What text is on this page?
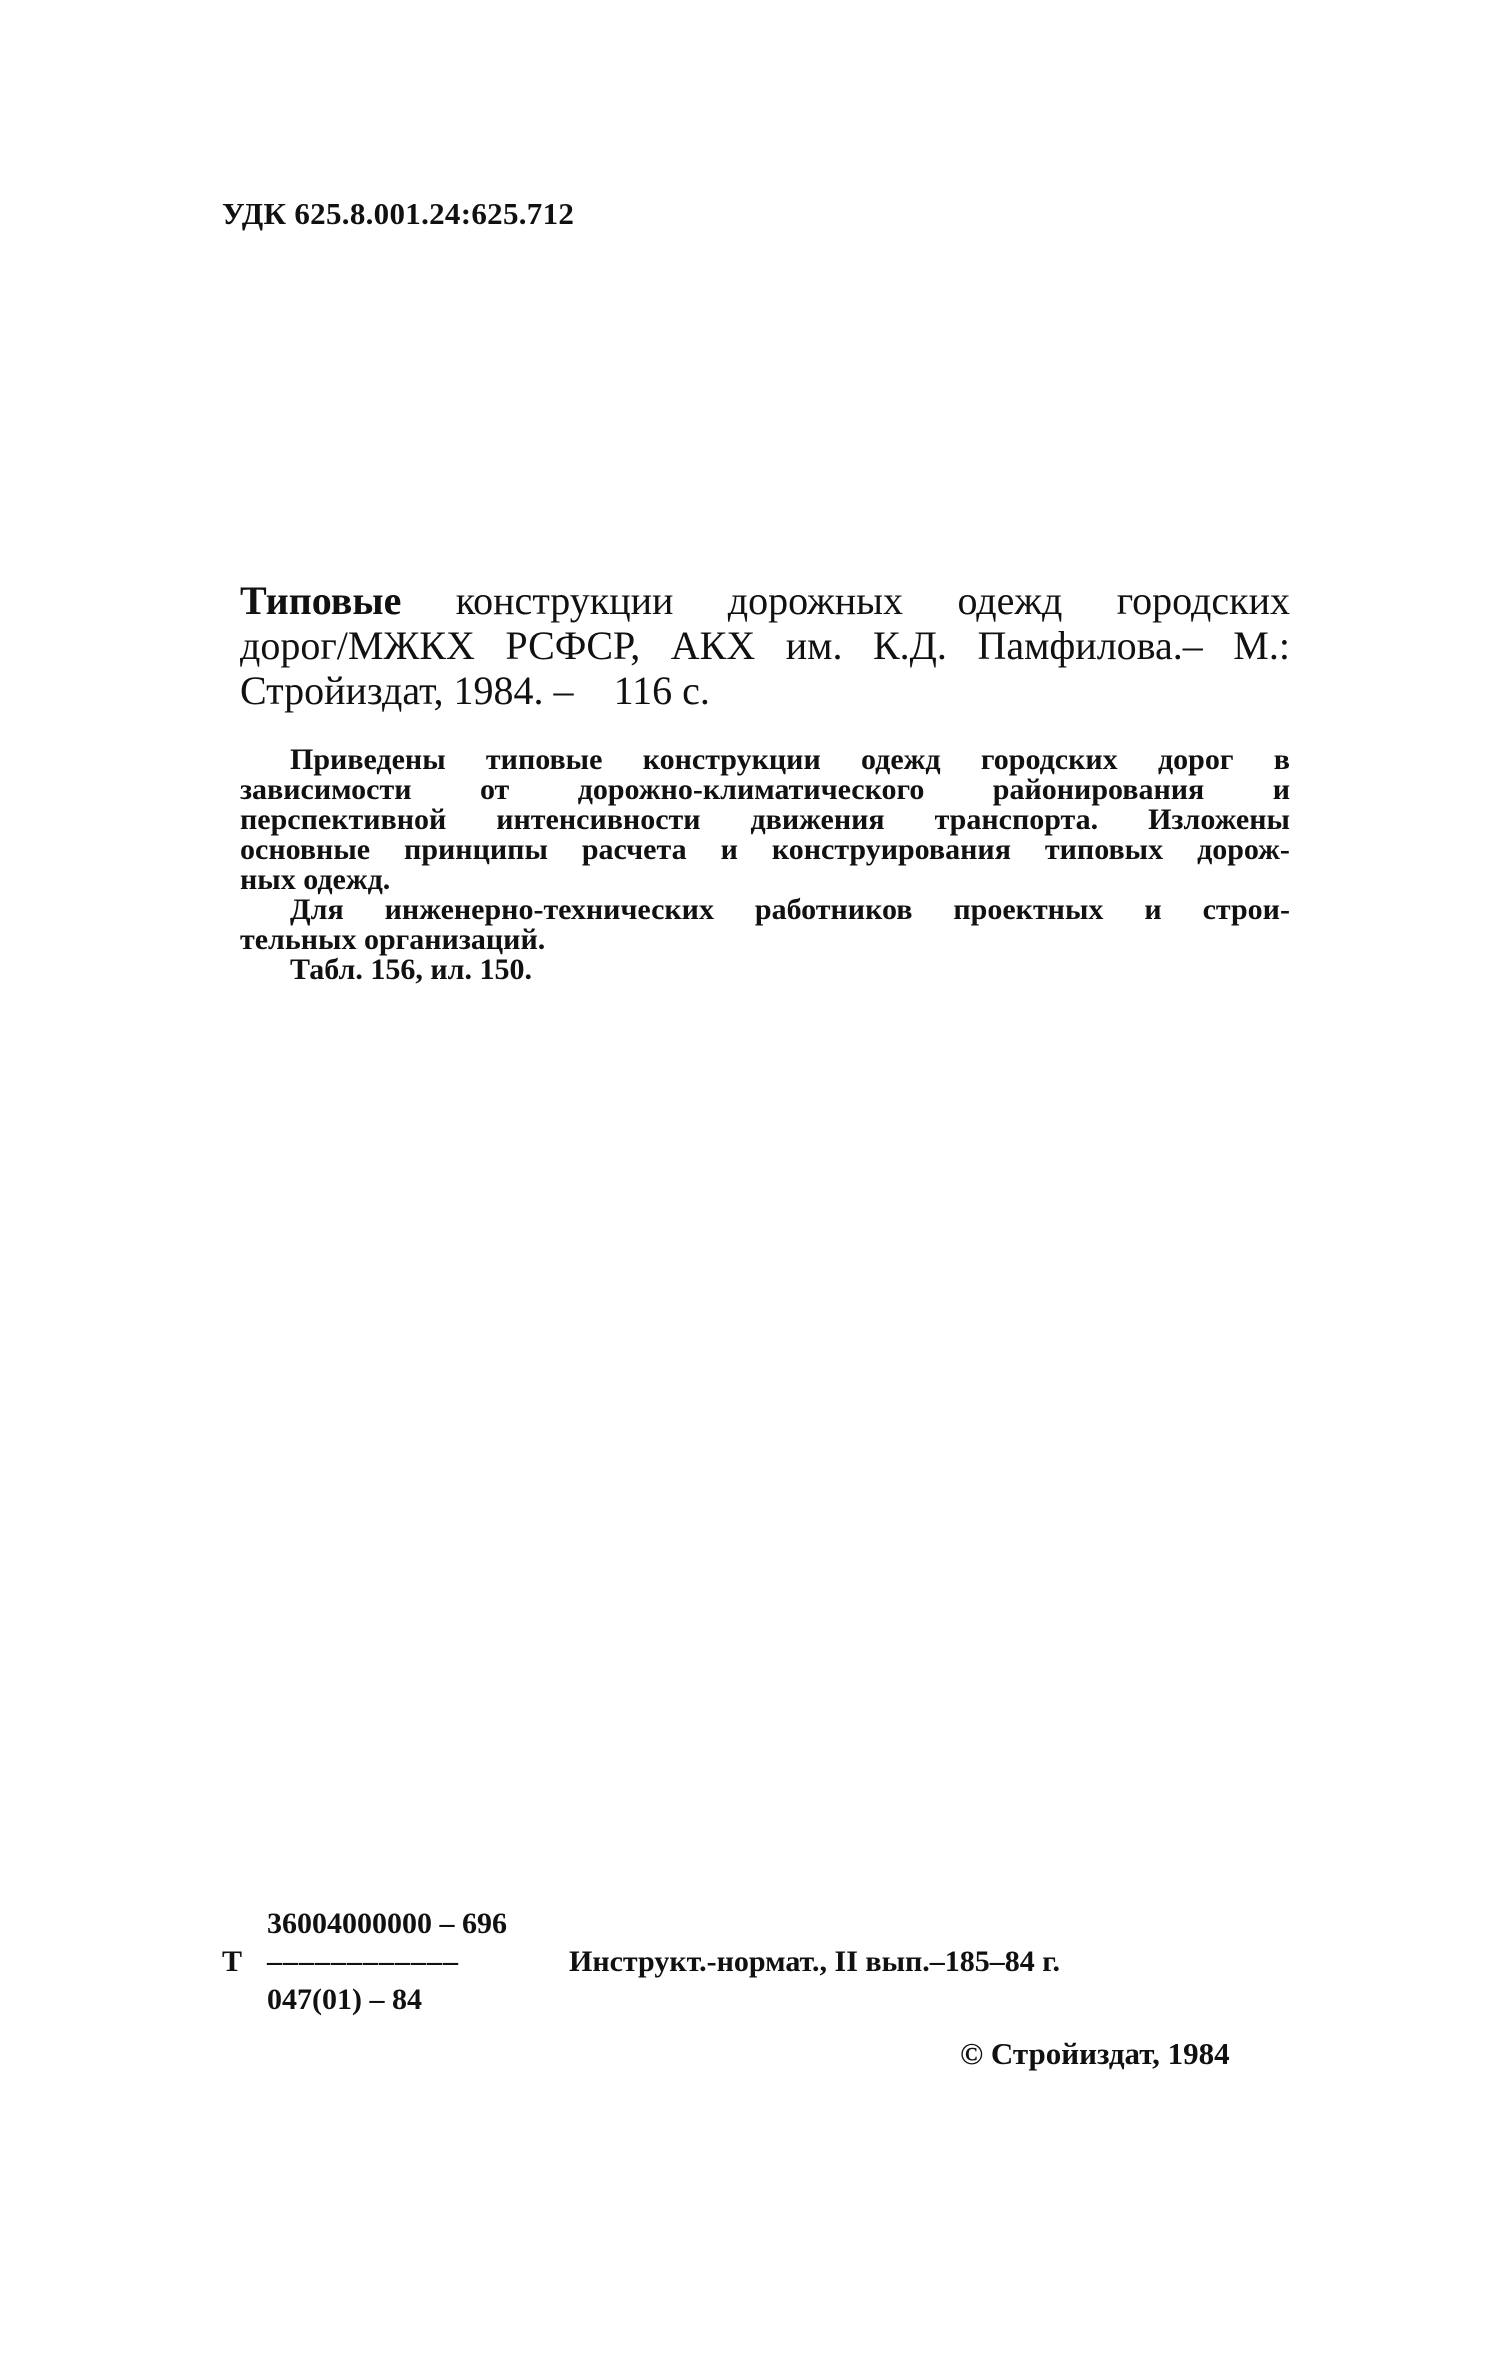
УДК 625.8.001.24:625.712
Типовые конструкции дорожных одежд городских
дорог/МЖКХ РСФСР, АКХ им. К.Д. Памфилова.– М.:
Стройиздат, 1984. – 116 с.
Приведены типовые конструкции одежд городских дорог в
зависимости от дорожно-климатического районирования и
перспективной интенсивности движения транспорта. Изложены
основные принципы расчета и конструирования типовых дорож-
ных одежд.
Для инженерно-технических работников проектных и строи-
тельных организаций.
Табл. 156, ил. 150.
36004000000 – 696
Т ––––––––––––	Инструкт.-нормат., II вып.–185–84 г.
047(01) – 84
© Стройиздат, 1984
